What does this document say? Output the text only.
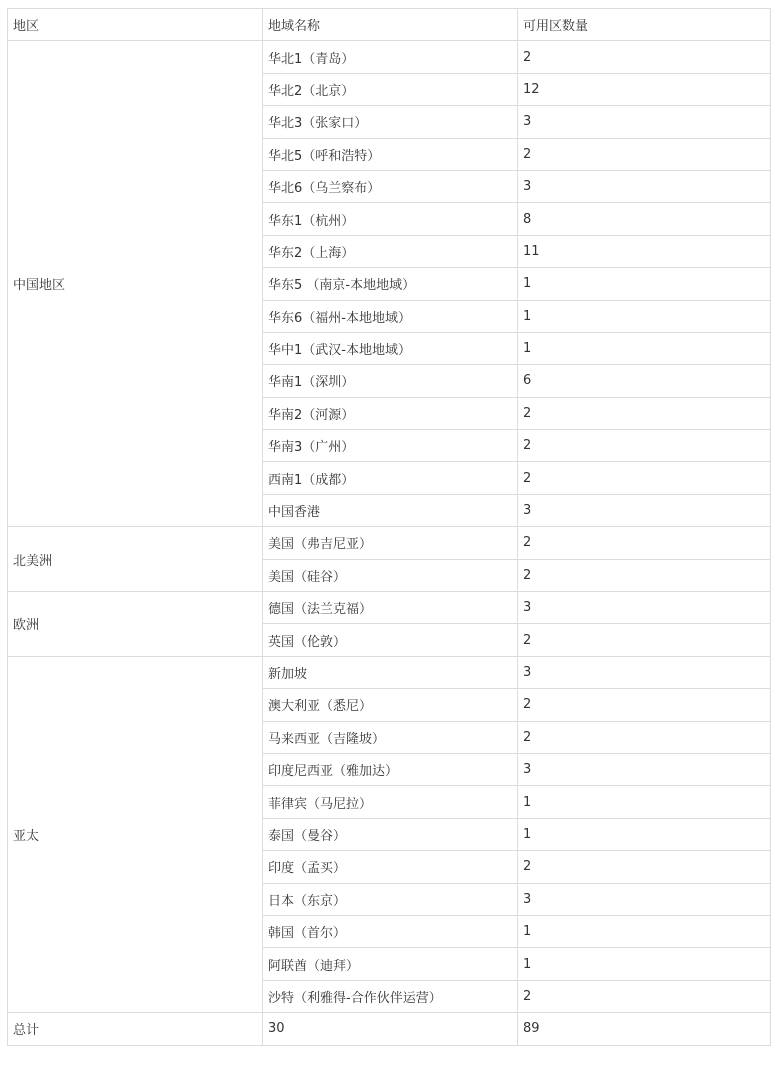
地区	地域名称	可用区数量
中国地区	华北1（青岛）	2
	华北2（北京）	12
	华北3（张家口）	3
	华北5（呼和浩特）	2
	华北6（乌兰察布）	3
	华东1（杭州）	8
	华东2（上海）	11
	华东5 （南京-本地地域）	1
	华东6（福州-本地地域）	1
	华中1（武汉-本地地域）	1
	华南1（深圳）	6
	华南2（河源）	2
	华南3（广州）	2
	西南1（成都）	2
	中国香港	3
北美洲	美国（弗吉尼亚）	2
	美国（硅谷）	2
欧洲	德国（法兰克福）	3
	英国（伦敦）	2
亚太	新加坡	3
	澳大利亚（悉尼）	2
	马来西亚（吉隆坡）	2
	印度尼西亚（雅加达）	3
	菲律宾（马尼拉）	1
	泰国（曼谷）	1
	印度（孟买）	2
	日本（东京）	3
	韩国（首尔）	1
	阿联酋（迪拜）	1
	沙特（利雅得-合作伙伴运营）	2
总计	30	89
